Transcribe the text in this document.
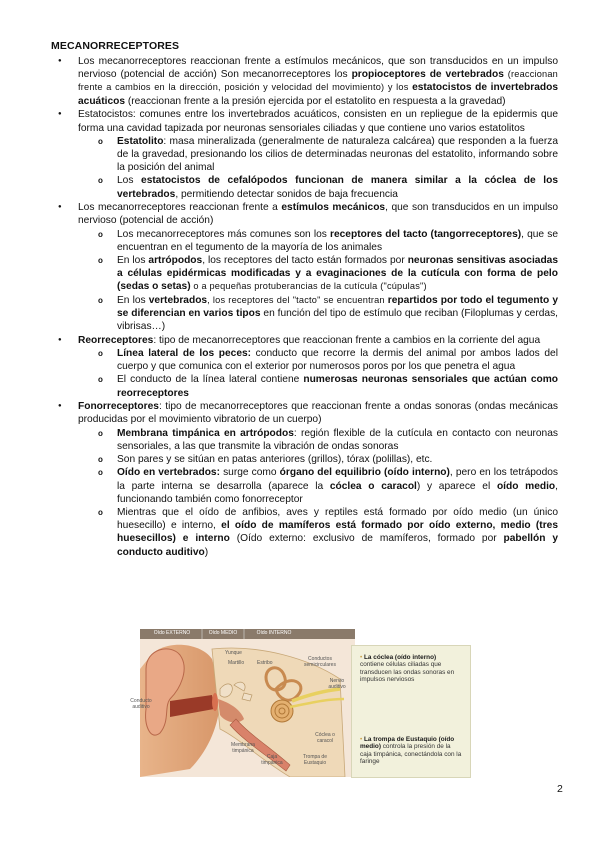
MECANORRECEPTORES
● Los mecanorreceptores reaccionan frente a estímulos mecánicos, que son transducidos en un impulso nervioso (potencial de acción) Son mecanorreceptores los propioceptores de vertebrados (reaccionan frente a cambios en la dirección, posición y velocidad del movimiento) y los estatocistos de invertebrados acuáticos (reaccionan frente a la presión ejercida por el estatolito en respuesta a la gravedad)
● Estatocistos: comunes entre los invertebrados acuáticos, consisten en un repliegue de la epidermis que forma una cavidad tapizada por neuronas sensoriales ciliadas y que contiene uno varios estatolitos
o Estatolito: masa mineralizada (generalmente de naturaleza calcárea) que responden a la fuerza de la gravedad, presionando los cilios de determinadas neuronas del estatolito, informando sobre la posición del animal
o Los estatocistos de cefalópodos funcionan de manera similar a la cóclea de los vertebrados, permitiendo detectar sonidos de baja frecuencia
● Los mecanorreceptores reaccionan frente a estímulos mecánicos, que son transducidos en un impulso nervioso (potencial de acción)
o Los mecanorreceptores más comunes son los receptores del tacto (tangorreceptores), que se encuentran en el tegumento de la mayoría de los animales
o En los artrópodos, los receptores del tacto están formados por neuronas sensitivas asociadas a células epidérmicas modificadas y a evaginaciones de la cutícula con forma de pelo (sedas o setas) o a pequeñas protuberancias de la cutícula ("cúpulas")
o En los vertebrados, los receptores del "tacto" se encuentran repartidos por todo el tegumento y se diferencian en varios tipos en función del tipo de estímulo que reciban (Filoplumas y cerdas, vibrisas…)
● Reorreceptores: tipo de mecanorreceptores que reaccionan frente a cambios en la corriente del agua
o Línea lateral de los peces: conducto que recorre la dermis del animal por ambos lados del cuerpo y que comunica con el exterior por numerosos poros por los que penetra el agua
o El conducto de la línea lateral contiene numerosas neuronas sensoriales que actúan como reorreceptores
● Fonorreceptores: tipo de mecanorreceptores que reaccionan frente a ondas sonoras (ondas mecánicas producidas por el movimiento vibratorio de un cuerpo)
o Membrana timpánica en artrópodos: región flexible de la cutícula en contacto con neuronas sensoriales, a las que transmite la vibración de ondas sonoras
o Son pares y se sitúan en patas anteriores (grillos), tórax (polillas), etc.
o Oído en vertebrados: surge como órgano del equilibrio (oído interno), pero en los tetrápodos la parte interna se desarrolla (aparece la cóclea o caracol) y aparece el oído medio, funcionando también como fonorreceptor
o Mientras que el oído de anfibios, aves y reptiles está formado por oído medio (un único huesecillo) e interno, el oído de mamíferos está formado por oído externo, medio (tres huesecillos) e interno (Oído externo: exclusivo de mamíferos, formado por pabellón y conducto auditivo)
Oído EXTERNO	Oído MEDIO	Oído INTERNO
Yunque
Martillo	Estribo
Conductos semicirculares
Nervio auditivo
Conducto auditivo
Membrana timpánica
Caja timpánica
Trompa de Eustaquio
Cóclea o caracol
• La cóclea (oído interno)
contiene células ciliadas que transducen las ondas sonoras en impulsos nerviosos
• La trompa de Eustaquio (oído medio) controla la presión de la caja timpánica, conectándola con la faringe
2
